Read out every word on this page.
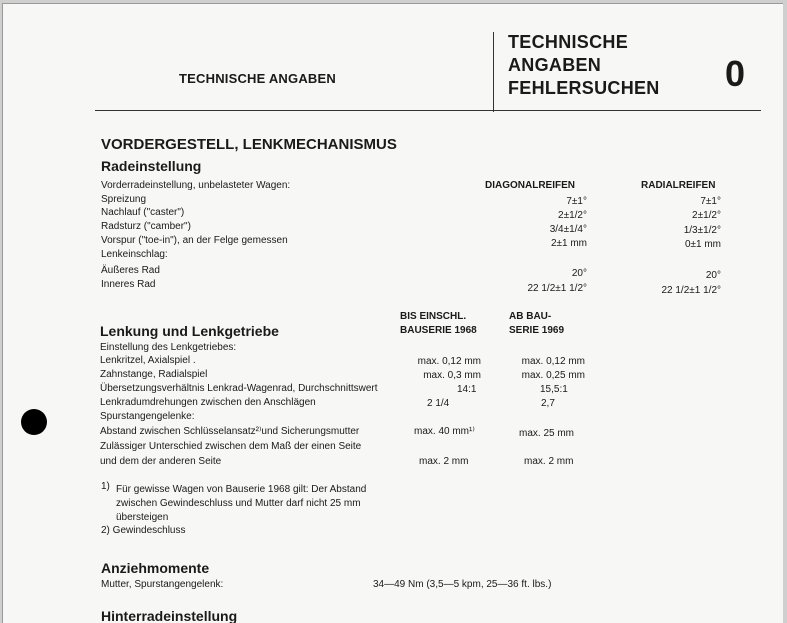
TECHNISCHE ANGABEN
TECHNISCHE
ANGABEN
FEHLERSUCHEN 0
VORDERGESTELL, LENKMECHANISMUS
Radeinstellung
DIAGONALREIFEN	RADIALREIFEN
Vorderradeinstellung, unbelasteter Wagen:
Spreizung	7±1°	7±1°
Nachlauf ("caster")	2±1/2°	2±1/2°
Radsturz ("camber")	3/4±1/4°	1/3±1/2°
Vorspur ("toe-in"), an der Felge gemessen	2±1 mm	0±1 mm
Lenkeinschlag:
Äußeres Rad	20°	20°
Inneres Rad	22 1/2±1 1/2°	22 1/2±1 1/2°
BIS EINSCHL.
BAUSERIE 1968
AB BAU-
SERIE 1969
Lenkung und Lenkgetriebe
Einstellung des Lenkgetriebes:
Lenkritzel, Axialspiel .	max. 0,12 mm	max. 0,12 mm
Zahnstange, Radialspiel	max. 0,3 mm	max. 0,25 mm
Übersetzungsverhältnis Lenkrad-Wagenrad, Durchschnittswert	14:1	15,5:1
Lenkradumdrehungen zwischen den Anschlägen	2 1/4	2,7
Spurstangengelenke:
Abstand zwischen Schlüsselansatz²⁾und Sicherungsmutter	max. 40 mm¹⁾	max. 25 mm
Zulässiger Unterschied zwischen dem Maß der einen Seite
und dem der anderen Seite	max. 2 mm	max. 2 mm
1) Für gewisse Wagen von Bauserie 1968 gilt: Der Abstand
zwischen Gewindeschluss und Mutter darf nicht 25 mm
übersteigen
2) Gewindeschluss
Anziehmomente
Mutter, Spurstangengelenk:	34—49 Nm (3,5—5 kpm, 25—36 ft. lbs.)
Hinterradeinstellung
